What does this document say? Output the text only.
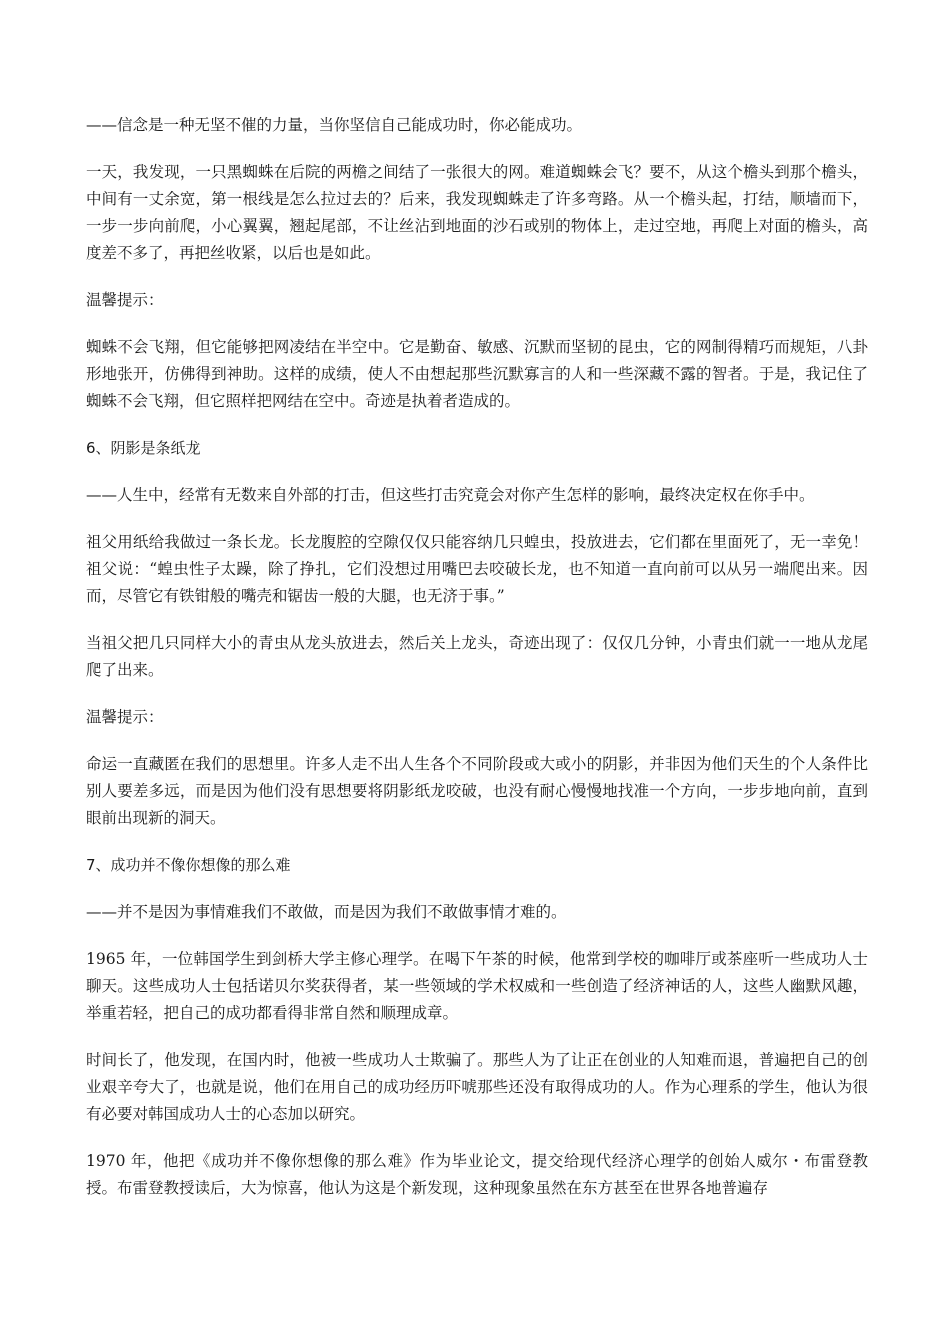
——信念是一种无坚不催的力量，当你坚信自己能成功时，你必能成功。

一天，我发现，一只黑蜘蛛在后院的两檐之间结了一张很大的网。难道蜘蛛会飞？要不，从这个檐头到那个檐头，中间有一丈余宽，第一根线是怎么拉过去的？后来，我发现蜘蛛走了许多弯路。从一个檐头起，打结，顺墙而下，一步一步向前爬，小心翼翼，翘起尾部，不让丝沾到地面的沙石或别的物体上，走过空地，再爬上对面的檐头，高度差不多了，再把丝收紧，以后也是如此。

温馨提示：

蜘蛛不会飞翔，但它能够把网凌结在半空中。它是勤奋、敏感、沉默而坚韧的昆虫，它的网制得精巧而规矩，八卦形地张开，仿佛得到神助。这样的成绩，使人不由想起那些沉默寡言的人和一些深藏不露的智者。于是，我记住了蜘蛛不会飞翔，但它照样把网结在空中。奇迹是执着者造成的。

6、阴影是条纸龙

——人生中，经常有无数来自外部的打击，但这些打击究竟会对你产生怎样的影响，最终决定权在你手中。

祖父用纸给我做过一条长龙。长龙腹腔的空隙仅仅只能容纳几只蝗虫，投放进去，它们都在里面死了，无一幸免！祖父说：“蝗虫性子太躁，除了挣扎，它们没想过用嘴巴去咬破长龙，也不知道一直向前可以从另一端爬出来。因而，尽管它有铁钳般的嘴壳和锯齿一般的大腿，也无济于事。”

当祖父把几只同样大小的青虫从龙头放进去，然后关上龙头，奇迹出现了：仅仅几分钟，小青虫们就一一地从龙尾爬了出来。

温馨提示：

命运一直藏匿在我们的思想里。许多人走不出人生各个不同阶段或大或小的阴影，并非因为他们天生的个人条件比别人要差多远，而是因为他们没有思想要将阴影纸龙咬破，也没有耐心慢慢地找准一个方向，一步步地向前，直到眼前出现新的洞天。

7、成功并不像你想像的那么难

——并不是因为事情难我们不敢做，而是因为我们不敢做事情才难的。

1965 年，一位韩国学生到剑桥大学主修心理学。在喝下午茶的时候，他常到学校的咖啡厅或茶座听一些成功人士聊天。这些成功人士包括诺贝尔奖获得者，某一些领域的学术权威和一些创造了经济神话的人，这些人幽默风趣，举重若轻，把自己的成功都看得非常自然和顺理成章。

时间长了，他发现，在国内时，他被一些成功人士欺骗了。那些人为了让正在创业的人知难而退，普遍把自己的创业艰辛夸大了，也就是说，他们在用自己的成功经历吓唬那些还没有取得成功的人。作为心理系的学生，他认为很有必要对韩国成功人士的心态加以研究。

1970 年，他把《成功并不像你想像的那么难》作为毕业论文，提交给现代经济心理学的创始人威尔・布雷登教授。布雷登教授读后，大为惊喜，他认为这是个新发现，这种现象虽然在东方甚至在世界各地普遍存
